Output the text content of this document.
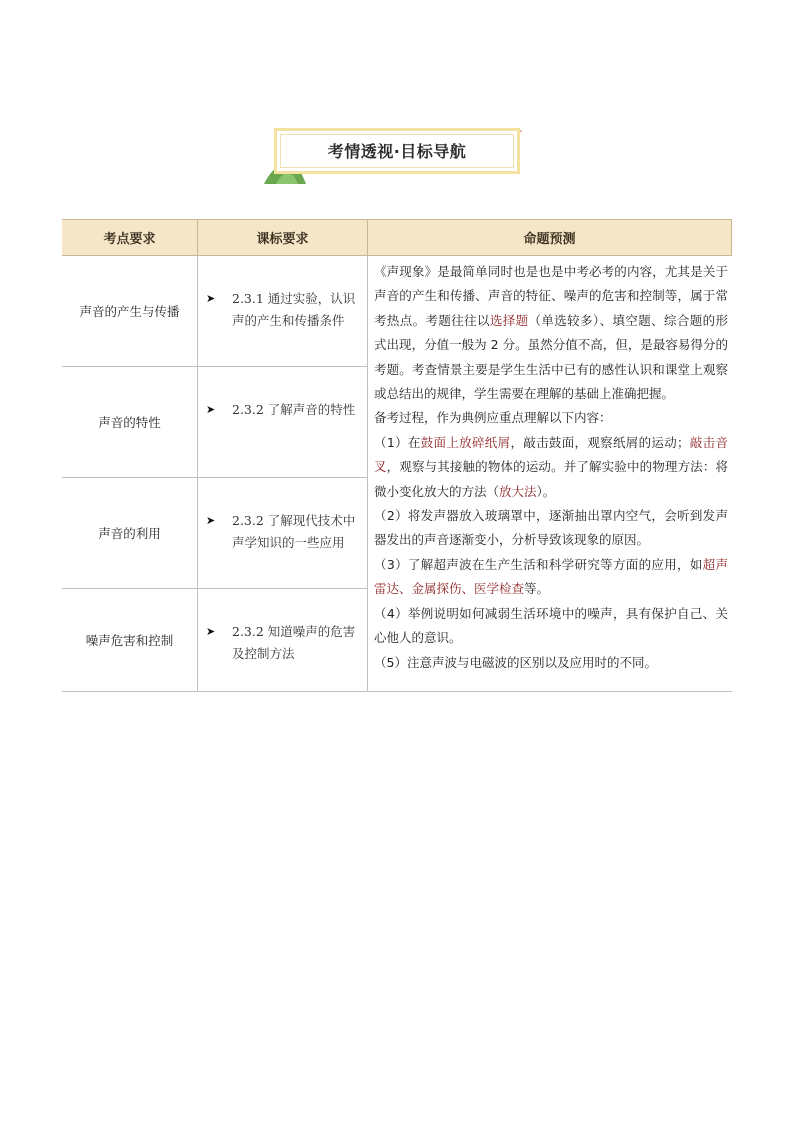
考情透视·目标导航
考点要求	课标要求	命题预测
声音的产生与传播
➤ 2.3.1 通过实验，认识声的产生和传播条件
声音的特性
➤ 2.3.2 了解声音的特性
声音的利用
➤ 2.3.2 了解现代技术中声学知识的一些应用
噪声危害和控制
➤ 2.3.2 知道噪声的危害及控制方法

《声现象》是最简单同时也是也是中考必考的内容，尤其是关于声音的产生和传播、声音的特征、噪声的危害和控制等，属于常考热点。考题往往以选择题（单选较多）、填空题、综合题的形式出现，分值一般为 2 分。虽然分值不高，但，是最容易得分的考题。考查情景主要是学生生活中已有的感性认识和课堂上观察或总结出的规律，学生需要在理解的基础上准确把握。

备考过程，作为典例应重点理解以下内容：

（1）在鼓面上放碎纸屑，敲击鼓面，观察纸屑的运动；敲击音叉，观察与其接触的物体的运动。并了解实验中的物理方法：将微小变化放大的方法（放大法）。

（2）将发声器放入玻璃罩中，逐渐抽出罩内空气，会听到发声器发出的声音逐渐变小，分析导致该现象的原因。

（3）了解超声波在生产生活和科学研究等方面的应用，如超声雷达、金属探伤、医学检查等。

（4）举例说明如何减弱生活环境中的噪声，具有保护自己、关心他人的意识。

（5）注意声波与电磁波的区别以及应用时的不同。
